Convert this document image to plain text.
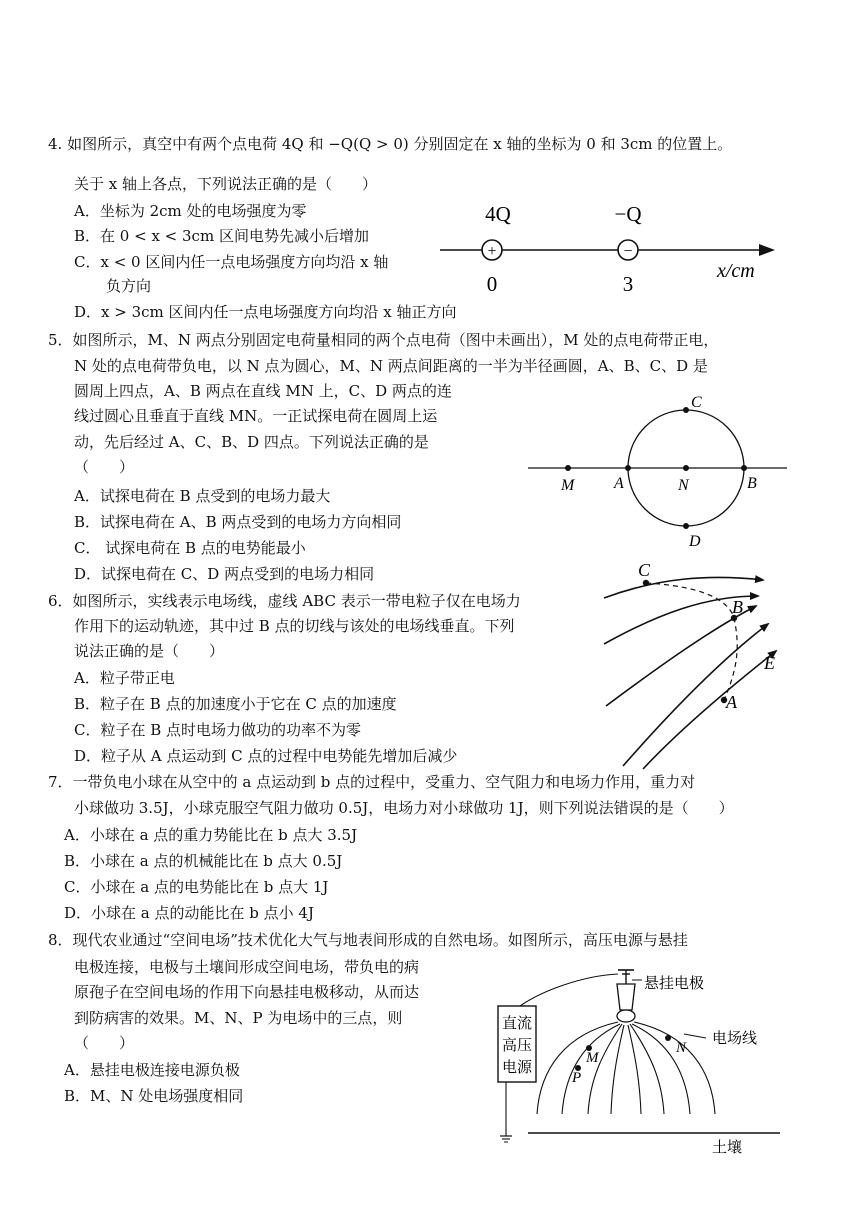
4. 如图所示，真空中有两个点电荷 4Q 和 −Q(Q > 0) 分别固定在 x 轴的坐标为 0 和 3cm 的位置上。
关于 x 轴上各点，下列说法正确的是（　　）
A．坐标为 2cm 处的电场强度为零
B．在 0 < x < 3cm 区间电势先减小后增加
C．x < 0 区间内任一点电场强度方向均沿 x 轴
负方向
D．x > 3cm 区间内任一点电场强度方向均沿 x 轴正方向
+	−
4Q	−Q
0	3
x/cm
5．如图所示，M、N 两点分别固定电荷量相同的两个点电荷（图中未画出），M 处的点电荷带正电，
N 处的点电荷带负电，以 N 点为圆心，M、N 两点间距离的一半为半径画圆，A、B、C、D 是
圆周上四点，A、B 两点在直线 MN 上，C、D 两点的连
线过圆心且垂直于直线 MN。一正试探电荷在圆周上运
动，先后经过 A、C、B、D 四点。下列说法正确的是
（　　）
A．试探电荷在 B 点受到的电场力最大
B．试探电荷在 A、B 两点受到的电场力方向相同
C． 试探电荷在 B 点的电势能最小
D．试探电荷在 C、D 两点受到的电场力相同
M A	N	B
C
D
6．如图所示，实线表示电场线，虚线 ABC 表示一带电粒子仅在电场力
作用下的运动轨迹，其中过 B 点的切线与该处的电场线垂直。下列
说法正确的是（　　）
A．粒子带正电
B．粒子在 B 点的加速度小于它在 C 点的加速度
C．粒子在 B 点时电场力做功的功率不为零
D．粒子从 A 点运动到 C 点的过程中电势能先增加后减少
C
B
E
A
7．一带负电小球在从空中的 a 点运动到 b 点的过程中，受重力、空气阻力和电场力作用，重力对
小球做功 3.5J，小球克服空气阻力做功 0.5J，电场力对小球做功 1J，则下列说法错误的是（　　）
A．小球在 a 点的重力势能比在 b 点大 3.5J
B．小球在 a 点的机械能比在 b 点大 0.5J
C．小球在 a 点的电势能比在 b 点大 1J
D．小球在 a 点的动能比在 b 点小 4J
8．现代农业通过“空间电场”技术优化大气与地表间形成的自然电场。如图所示，高压电源与悬挂
电极连接，电极与土壤间形成空间电场，带负电的病
原孢子在空间电场的作用下向悬挂电极移动，从而达
到防病害的效果。M、N、P 为电场中的三点，则
（　　）
A．悬挂电极连接电源负极
B．M、N 处电场强度相同
悬挂电极
直流
高压
电源
土壤
M
P
N
电场线
